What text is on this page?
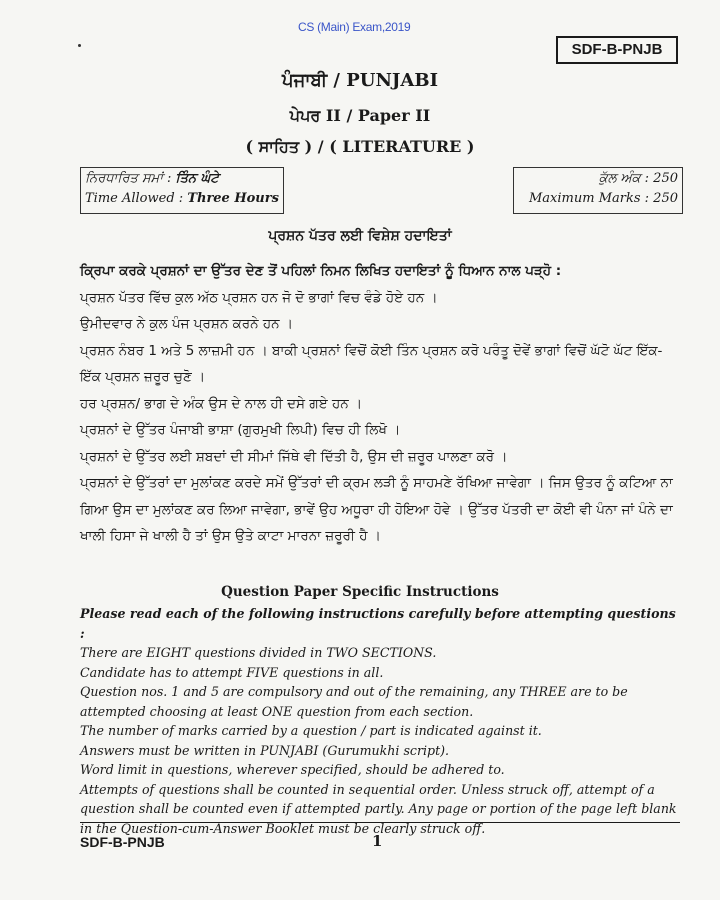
CS (Main) Exam,2019
SDF-B-PNJB
ਪੰਜਾਬੀ / PUNJABI
ਪੇਪਰ II / Paper II
( ਸਾਹਿਤ ) / ( LITERATURE )
ਨਿਰਧਾਰਿਤ ਸਮਾਂ : ਤਿੰਨ ਘੰਟੇ
Time Allowed : Three Hours
ਕੁੱਲ ਅੰਕ : 250
Maximum Marks : 250
ਪ੍ਰਸ਼ਨ ਪੱਤਰ ਲਈ ਵਿਸ਼ੇਸ਼ ਹਦਾਇਤਾਂ

ਕ੍ਰਿਪਾ ਕਰਕੇ ਪ੍ਰਸ਼ਨਾਂ ਦਾ ਉੱਤਰ ਦੇਣ ਤੋਂ ਪਹਿਲਾਂ ਨਿਮਨ ਲਿਖਿਤ ਹਦਾਇਤਾਂ ਨੂੰ ਧਿਆਨ ਨਾਲ ਪੜ੍ਹੋ :

ਪ੍ਰਸ਼ਨ ਪੱਤਰ ਵਿੱਚ ਕੁਲ ਅੱਠ ਪ੍ਰਸ਼ਨ ਹਨ ਜੋ ਦੋ ਭਾਗਾਂ ਵਿਚ ਵੰਡੇ ਹੋਏ ਹਨ ।

ਉਮੀਦਵਾਰ ਨੇ ਕੁਲ ਪੰਜ ਪ੍ਰਸ਼ਨ ਕਰਨੇ ਹਨ ।

ਪ੍ਰਸ਼ਨ ਨੰਬਰ 1 ਅਤੇ 5 ਲਾਜ਼ਮੀ ਹਨ । ਬਾਕੀ ਪ੍ਰਸ਼ਨਾਂ ਵਿਚੋਂ ਕੋਈ ਤਿੰਨ ਪ੍ਰਸ਼ਨ ਕਰੋ ਪਰੰਤੂ ਦੋਵੇਂ ਭਾਗਾਂ ਵਿਚੋਂ ਘੱਟੋ ਘੱਟ ਇੱਕ-ਇੱਕ ਪ੍ਰਸ਼ਨ ਜ਼ਰੂਰ ਚੁਣੋ ।

ਹਰ ਪ੍ਰਸ਼ਨ/ ਭਾਗ ਦੇ ਅੰਕ ਉਸ ਦੇ ਨਾਲ ਹੀ ਦਸੇ ਗਏ ਹਨ ।

ਪ੍ਰਸ਼ਨਾਂ ਦੇ ਉੱਤਰ ਪੰਜਾਬੀ ਭਾਸ਼ਾ (ਗੁਰਮੁਖੀ ਲਿਪੀ) ਵਿਚ ਹੀ ਲਿਖੋ ।

ਪ੍ਰਸ਼ਨਾਂ ਦੇ ਉੱਤਰ ਲਈ ਸ਼ਬਦਾਂ ਦੀ ਸੀਮਾਂ ਜਿੱਥੇ ਵੀ ਦਿੱਤੀ ਹੈ, ਉਸ ਦੀ ਜ਼ਰੂਰ ਪਾਲਣਾ ਕਰੋ ।

ਪ੍ਰਸ਼ਨਾਂ ਦੇ ਉੱਤਰਾਂ ਦਾ ਮੁਲਾਂਕਣ ਕਰਦੇ ਸਮੇਂ ਉੱਤਰਾਂ ਦੀ ਕ੍ਰਮ ਲੜੀ ਨੂੰ ਸਾਹਮਣੇ ਰੱਖਿਆ ਜਾਵੇਗਾ । ਜਿਸ ਉਤਰ ਨੂੰ ਕਟਿਆ ਨਾ ਗਿਆ ਉਸ ਦਾ ਮੁਲਾਂਕਣ ਕਰ ਲਿਆ ਜਾਵੇਗਾ, ਭਾਵੇਂ ਉਹ ਅਧੂਰਾ ਹੀ ਹੋਇਆ ਹੋਵੇ । ਉੱਤਰ ਪੱਤਰੀ ਦਾ ਕੋਈ ਵੀ ਪੰਨਾ ਜਾਂ ਪੰਨੇ ਦਾ ਖਾਲੀ ਹਿਸਾ ਜੇ ਖਾਲੀ ਹੈ ਤਾਂ ਉਸ ਉਤੇ ਕਾਟਾ ਮਾਰਨਾ ਜ਼ਰੂਰੀ ਹੈ ।

Question Paper Specific Instructions

Please read each of the following instructions carefully before attempting questions :

There are EIGHT questions divided in TWO SECTIONS.

Candidate has to attempt FIVE questions in all.

Question nos. 1 and 5 are compulsory and out of the remaining, any THREE are to be attempted choosing at least ONE question from each section.

The number of marks carried by a question / part is indicated against it.

Answers must be written in PUNJABI (Gurumukhi script).

Word limit in questions, wherever specified, should be adhered to.

Attempts of questions shall be counted in sequential order. Unless struck off, attempt of a question shall be counted even if attempted partly. Any page or portion of the page left blank in the Question-cum-Answer Booklet must be clearly struck off.

SDF-B-PNJB	1
